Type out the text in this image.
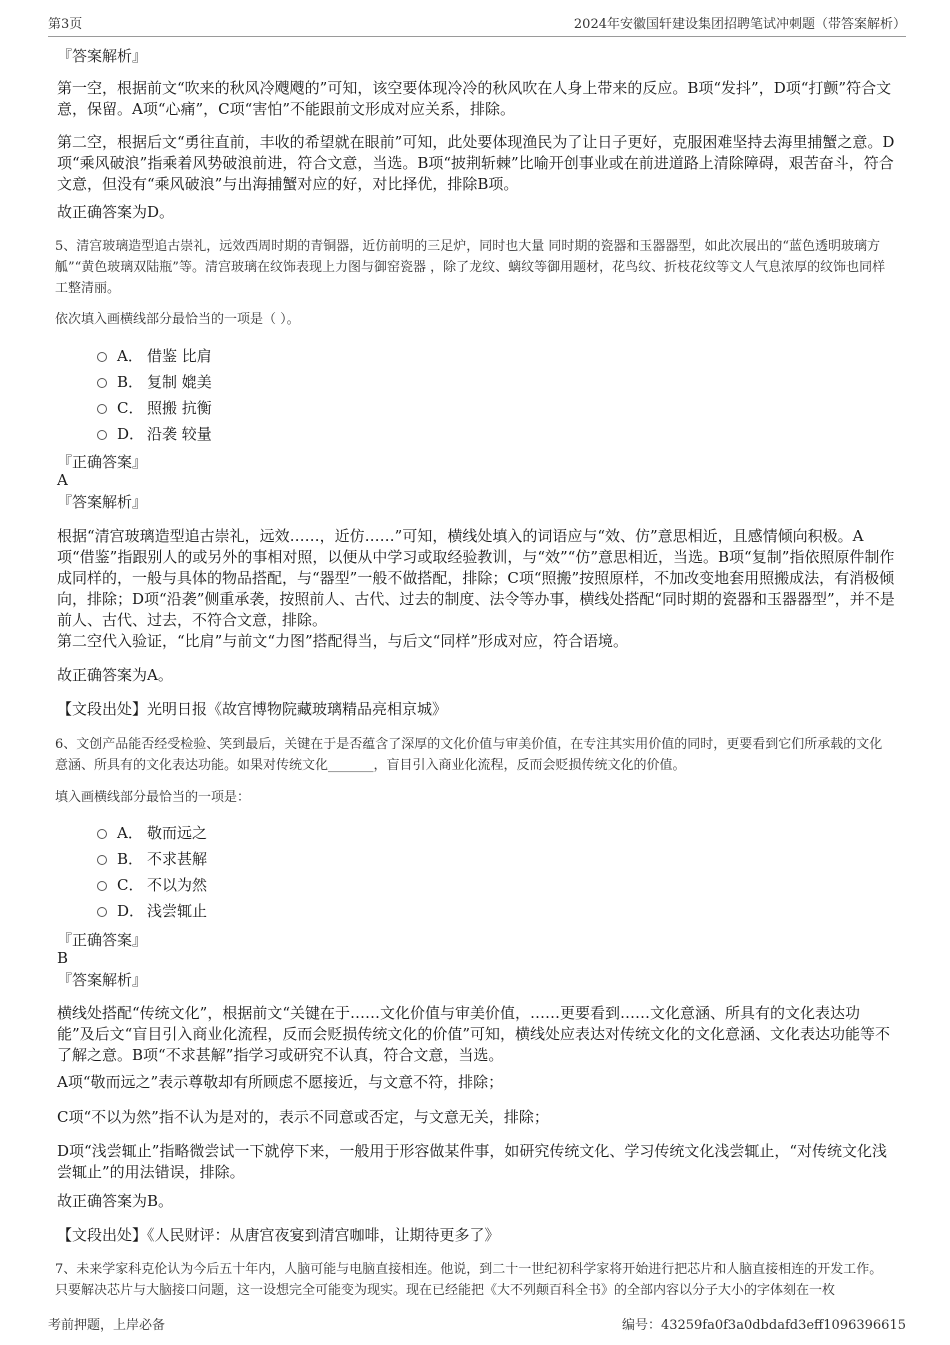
第3页	2024年安徽国轩建设集团招聘笔试冲刺题（带答案解析）
『答案解析』

第一空，根据前文“吹来的秋风冷飕飕的”可知，该空要体现冷冷的秋风吹在人身上带来的反应。B项“发抖”，D项“打颤”符合文意，保留。A项“心痛”，C项“害怕”不能跟前文形成对应关系，排除。

第二空，根据后文“勇往直前，丰收的希望就在眼前”可知，此处要体现渔民为了让日子更好，克服困难坚持去海里捕蟹之意。D项“乘风破浪”指乘着风势破浪前进，符合文意，当选。B项“披荆斩棘”比喻开创事业或在前进道路上清除障碍，艰苦奋斗，符合文意，但没有“乘风破浪”与出海捕蟹对应的好，对比择优，排除B项。

故正确答案为D。

5、清宫玻璃造型追古崇礼，远效西周时期的青铜器，近仿前明的三足炉，同时也大量 同时期的瓷器和玉器器型，如此次展出的“蓝色透明玻璃方觚”“黄色玻璃双陆瓶”等。清宫玻璃在纹饰表现上力图与御窑瓷器 ，除了龙纹、螭纹等御用题材，花鸟纹、折枝花纹等文人气息浓厚的纹饰也同样工整清丽。

依次填入画横线部分最恰当的一项是（ ）。

A． 借鉴 比肩
B． 复制 媲美
C． 照搬 抗衡
D． 沿袭 较量
『正确答案』
A
『答案解析』

根据“清宫玻璃造型追古崇礼，远效……，近仿……”可知，横线处填入的词语应与“效、仿”意思相近，且感情倾向积极。A项“借鉴”指跟别人的或另外的事相对照，以便从中学习或取经验教训，与“效”“仿”意思相近，当选。B项“复制”指依照原件制作成同样的，一般与具体的物品搭配，与“器型”一般不做搭配，排除；C项“照搬”按照原样，不加改变地套用照搬成法，有消极倾向，排除；D项“沿袭”侧重承袭，按照前人、古代、过去的制度、法令等办事，横线处搭配“同时期的瓷器和玉器器型”，并不是前人、古代、过去，不符合文意，排除。

第二空代入验证，“比肩”与前文“力图”搭配得当，与后文“同样”形成对应，符合语境。

故正确答案为A。

【文段出处】光明日报《故宫博物院藏玻璃精品亮相京城》

6、文创产品能否经受检验、笑到最后，关键在于是否蕴含了深厚的文化价值与审美价值，在专注其实用价值的同时，更要看到它们所承载的文化意涵、所具有的文化表达功能。如果对传统文化_______，盲目引入商业化流程，反而会贬损传统文化的价值。

填入画横线部分最恰当的一项是：

A． 敬而远之
B． 不求甚解
C． 不以为然
D． 浅尝辄止
『正确答案』
B
『答案解析』

横线处搭配“传统文化”，根据前文“关键在于……文化价值与审美价值，……更要看到……文化意涵、所具有的文化表达功能”及后文“盲目引入商业化流程，反而会贬损传统文化的价值”可知，横线处应表达对传统文化的文化意涵、文化表达功能等不了解之意。B项“不求甚解”指学习或研究不认真，符合文意，当选。

A项“敬而远之”表示尊敬却有所顾虑不愿接近，与文意不符，排除；

C项“不以为然”指不认为是对的，表示不同意或否定，与文意无关，排除；

D项“浅尝辄止”指略微尝试一下就停下来，一般用于形容做某件事，如研究传统文化、学习传统文化浅尝辄止，“对传统文化浅尝辄止”的用法错误，排除。

故正确答案为B。

【文段出处】《人民财评：从唐宫夜宴到清宫咖啡，让期待更多了》

7、未来学家科克伦认为今后五十年内，人脑可能与电脑直接相连。他说，到二十一世纪初科学家将开始进行把芯片和人脑直接相连的开发工作。只要解决芯片与大脑接口问题，这一设想完全可能变为现实。现在已经能把《大不列颠百科全书》的全部内容以分子大小的字体刻在一枚

考前押题，上岸必备	编号：43259fa0f3a0dbdafd3eff1096396615
